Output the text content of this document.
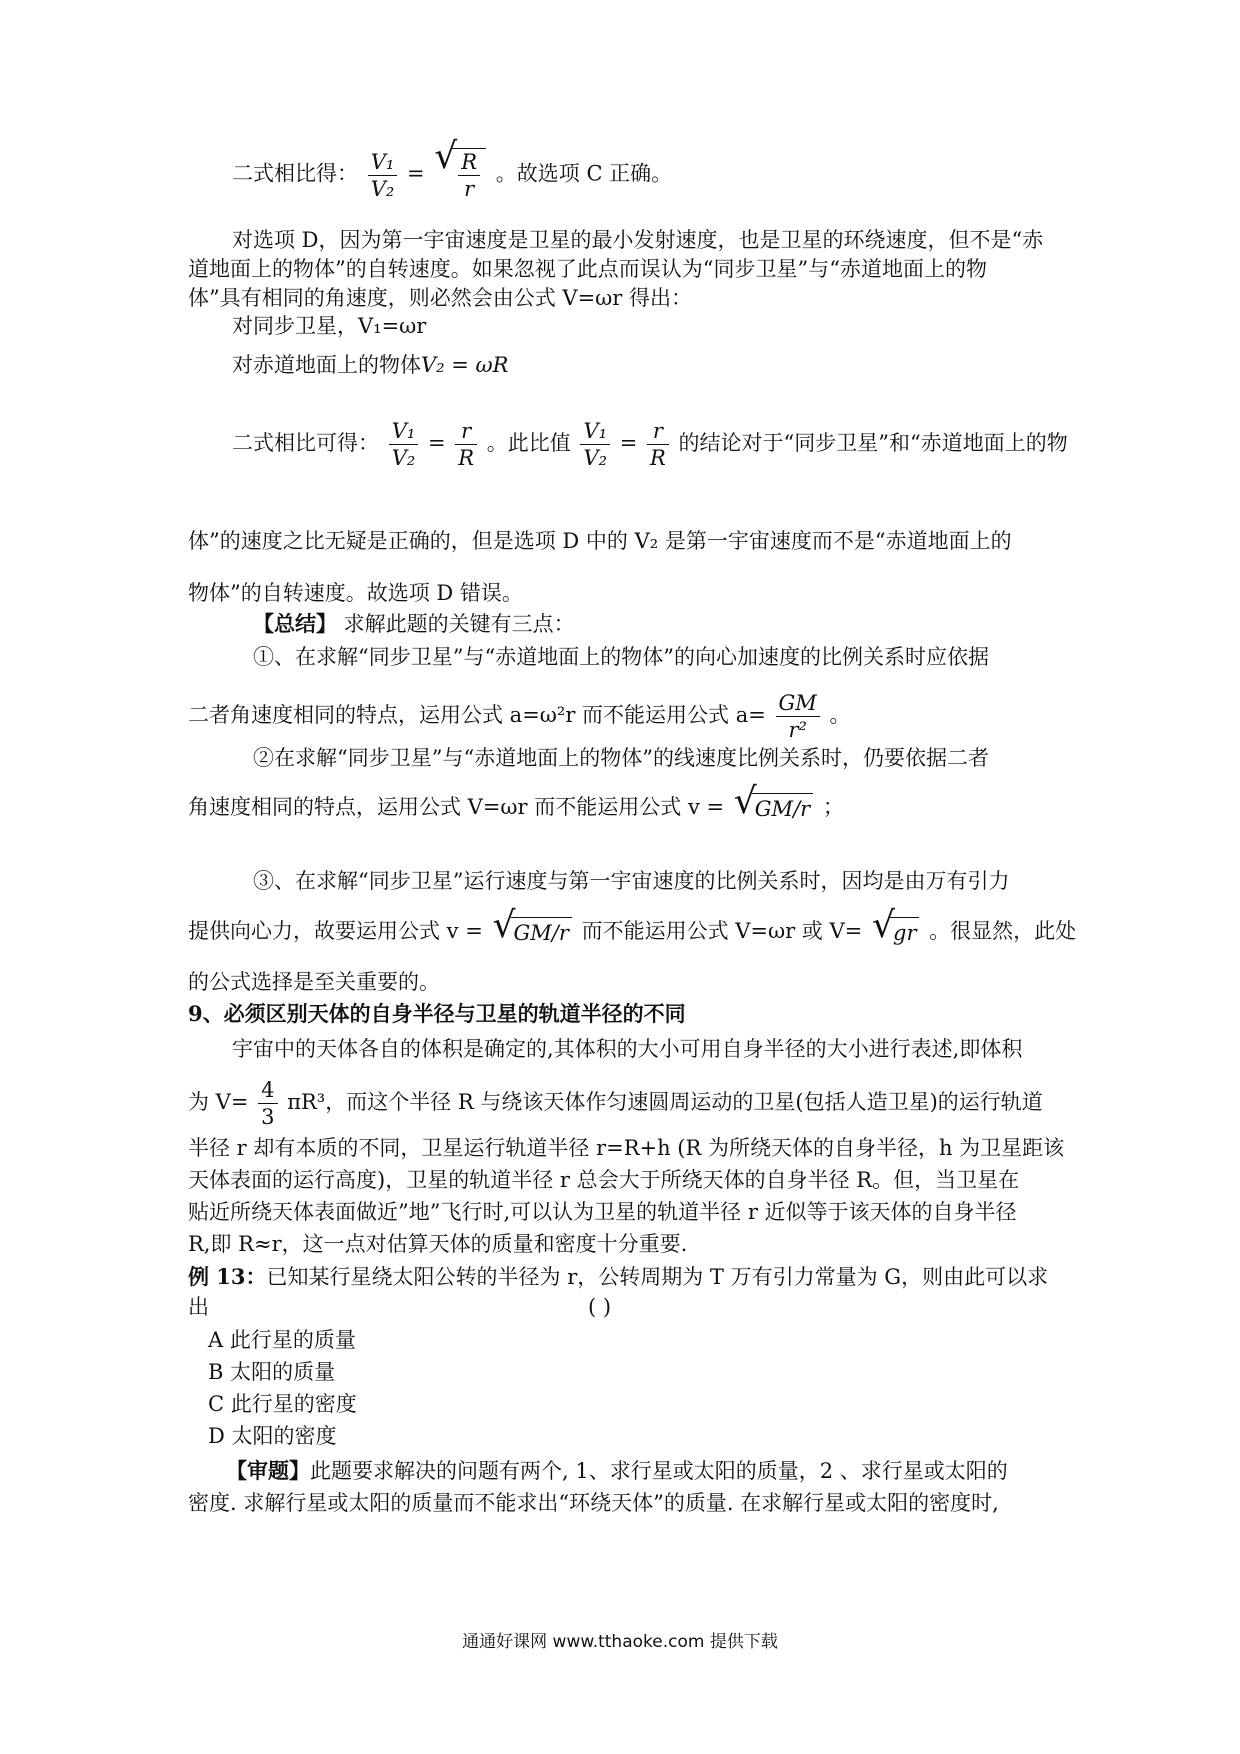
二式相比得： $\frac{\text{V₁}}{\text{V₂}}$ = √ $\frac{R}{r}$ 。故选项 C 正确。
对选项 D，因为第一宇宙速度是卫星的最小发射速度，也是卫星的环绕速度，但不是“赤
道地面上的物体”的自转速度。如果忽视了此点而误认为“同步卫星”与“赤道地面上的物
体”具有相同的角速度，则必然会由公式 V=ωr 得出：
对同步卫星，V₁=ωr
对赤道地面上的物体V₂ = ωR
二式相比可得： $\frac{\text{V₁}}{\text{V₂}} = \frac{r}{R}$ 。此比值 $\frac{\text{V₁}}{\text{V₂}} = \frac{r}{R}$ 的结论对于“同步卫星”和“赤道地面上的物
体”的速度之比无疑是正确的，但是选项 D 中的 V₂ 是第一宇宙速度而不是“赤道地面上的
物体”的自转速度。故选项 D 错误。
【总结】 求解此题的关键有三点：
①、在求解“同步卫星”与“赤道地面上的物体”的向心加速度的比例关系时应依据
二者角速度相同的特点，运用公式 a=ω²r 而不能运用公式 $a= \frac{GM}{\text{r²}}$ 。
②在求解“同步卫星”与“赤道地面上的物体”的线速度比例关系时，仍要依据二者
角速度相同的特点，运用公式 V=ωr 而不能运用公式 v = √
GM/r ；
③、在求解“同步卫星”运行速度与第一宇宙速度的比例关系时，因均是由万有引力
提供向心力，故要运用公式 v = √
GM/r 而不能运用公式 V=ωr 或 V= √
gr 。很显然，此处
的公式选择是至关重要的。
9、必须区别天体的自身半径与卫星的轨道半径的不同
宇宙中的天体各自的体积是确定的,其体积的大小可用自身半径的大小进行表述,即体积
为 $V= \frac{4}{3} \pi R^3$，而这个半径 R 与绕该天体作匀速圆周运动的卫星(包括人造卫星)的运行轨道
半径 r 却有本质的不同，卫星运行轨道半径 r=R+h (R 为所绕天体的自身半径，h 为卫星距该
天体表面的运行高度)，卫星的轨道半径 r 总会大于所绕天体的自身半径 R。但，当卫星在
贴近所绕天体表面做近”地”飞行时,可以认为卫星的轨道半径 r 近似等于该天体的自身半径
R,即 R≈r，这一点对估算天体的质量和密度十分重要.
例 13：已知某行星绕太阳公转的半径为 r，公转周期为 T 万有引力常量为 G，则由此可以求
出	( )
A 此行星的质量
B 太阳的质量
C 此行星的密度
D 太阳的密度
【审题】此题要求解决的问题有两个, 1、求行星或太阳的质量，2 、求行星或太阳的
密度. 求解行星或太阳的质量而不能求出“环绕天体”的质量. 在求解行星或太阳的密度时,
通通好课网 www.tthaoke.com 提供下载
